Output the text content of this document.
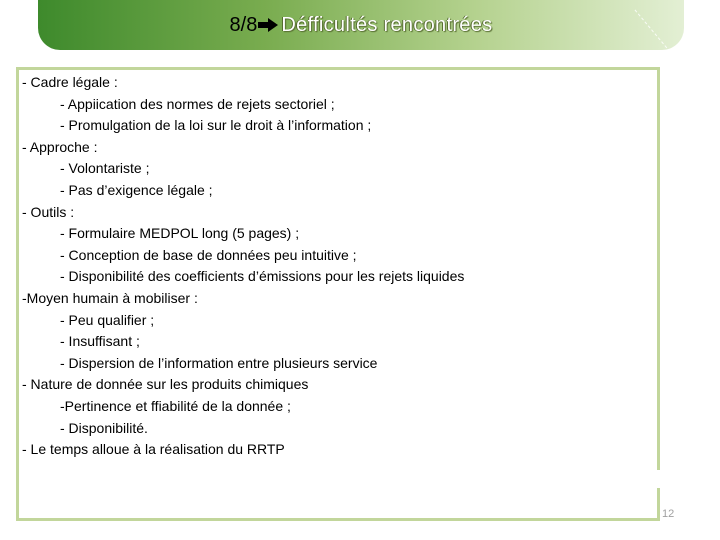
8/8 Défficultés rencontrées
- Cadre légale :
- Appiication des normes de rejets sectoriel ;
- Promulgation de la loi sur le droit à l’information ;
- Approche :
- Volontariste ;
- Pas d’exigence légale ;
- Outils :
- Formulaire MEDPOL long (5 pages) ;
- Conception de base de données peu intuitive ;
- Disponibilité des coefficients d’émissions pour les rejets liquides
-Moyen humain à mobiliser :
- Peu qualifier ;
- Insuffisant ;
- Dispersion de l’information entre plusieurs service
- Nature de donnée sur les produits chimiques
-Pertinence et ffiabilité de la donnée ;
- Disponibilité.
- Le temps alloue à la réalisation du RRTP
12
